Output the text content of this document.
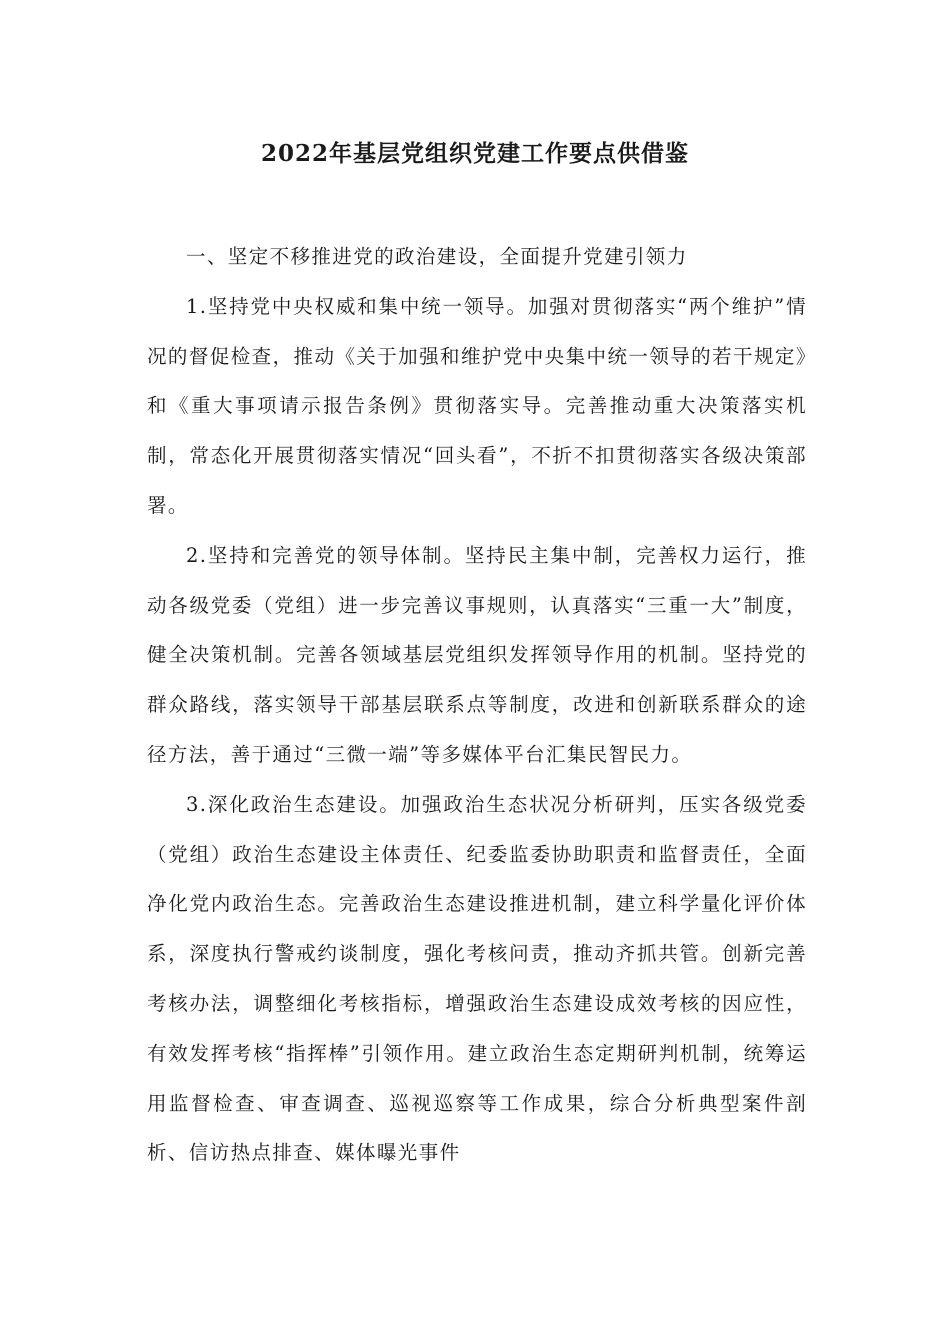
2022年基层党组织党建工作要点供借鉴

一、坚定不移推进党的政治建设，全面提升党建引领力

1.坚持党中央权威和集中统一领导。加强对贯彻落实“两个维护”情况的督促检查，推动《关于加强和维护党中央集中统一领导的若干规定》和《重大事项请示报告条例》贯彻落实导。完善推动重大决策落实机制，常态化开展贯彻落实情况“回头看”，不折不扣贯彻落实各级决策部署。

2.坚持和完善党的领导体制。坚持民主集中制，完善权力运行，推动各级党委（党组）进一步完善议事规则，认真落实“三重一大”制度，健全决策机制。完善各领域基层党组织发挥领导作用的机制。坚持党的群众路线，落实领导干部基层联系点等制度，改进和创新联系群众的途径方法，善于通过“三微一端”等多媒体平台汇集民智民力。

3.深化政治生态建设。加强政治生态状况分析研判，压实各级党委（党组）政治生态建设主体责任、纪委监委协助职责和监督责任，全面净化党内政治生态。完善政治生态建设推进机制，建立科学量化评价体系，深度执行警戒约谈制度，强化考核问责，推动齐抓共管。创新完善考核办法，调整细化考核指标，增强政治生态建设成效考核的因应性，有效发挥考核“指挥棒”引领作用。建立政治生态定期研判机制，统筹运用监督检查、审查调查、巡视巡察等工作成果，综合分析典型案件剖析、信访热点排查、媒体曝光事件
